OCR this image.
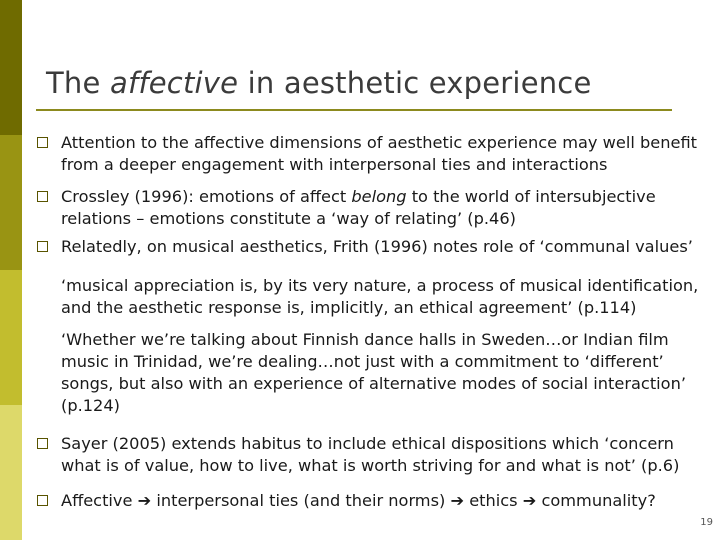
The affective in aesthetic experience
Attention to the affective dimensions of aesthetic experience may well benefit from a deeper engagement with interpersonal ties and interactions
Crossley (1996): emotions of affect belong to the world of intersubjective relations – emotions constitute a ‘way of relating’ (p.46)
Relatedly, on musical aesthetics, Frith (1996) notes role of ‘communal values’
‘musical appreciation is, by its very nature, a process of musical identification, and the aesthetic response is, implicitly, an ethical agreement’ (p.114)
‘Whether we’re talking about Finnish dance halls in Sweden…or Indian film music in Trinidad, we’re dealing…not just with a commitment to ‘different’ songs, but also with an experience of alternative modes of social interaction’ (p.124)
Sayer (2005) extends habitus to include ethical dispositions which ‘concern what is of value, how to live, what is worth striving for and what is not’ (p.6)
Affective ➔ interpersonal ties (and their norms) ➔ ethics ➔ communality?
19
